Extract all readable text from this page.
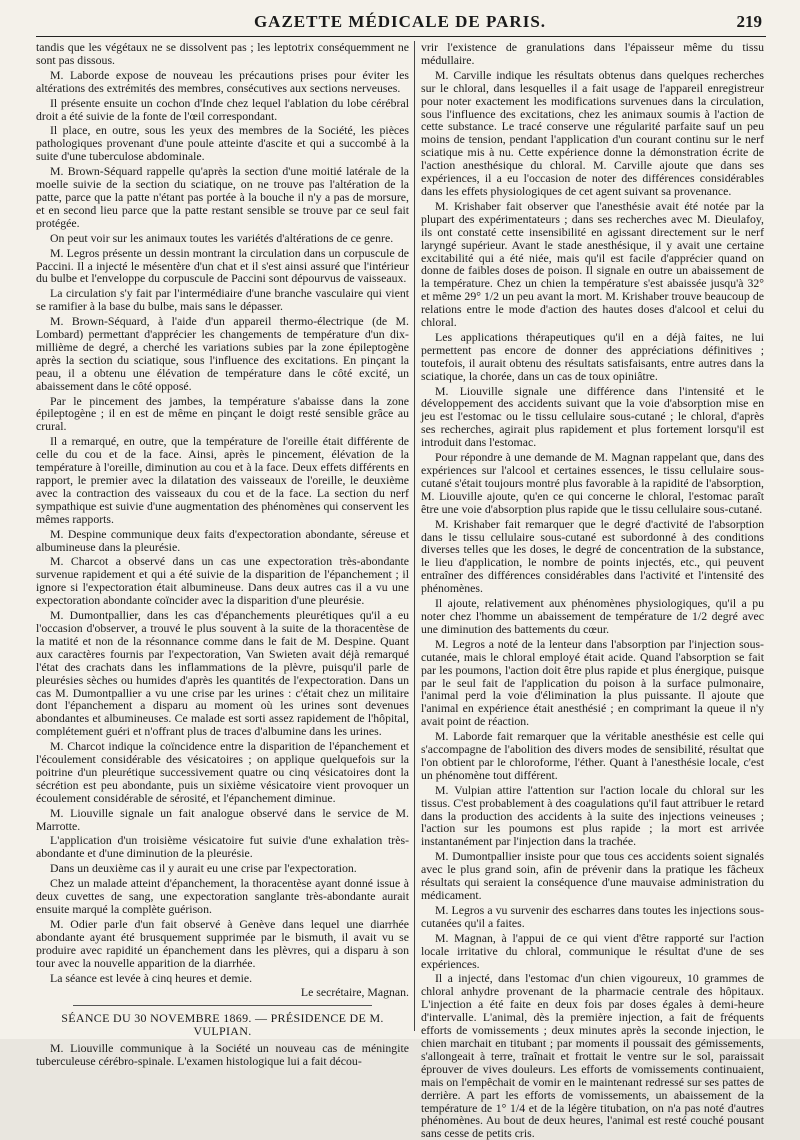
GAZETTE MÉDICALE DE PARIS.	219

tandis que les végétaux ne se dissolvent pas ; les leptotrix conséquemment ne sont pas dissous.

M. Laborde expose de nouveau les précautions prises pour éviter les altérations des extrémités des membres, consécutives aux sections nerveuses.

Il présente ensuite un cochon d'Inde chez lequel l'ablation du lobe cérébral droit a été suivie de la fonte de l'œil correspondant.

Il place, en outre, sous les yeux des membres de la Société, les pièces pathologiques provenant d'une poule atteinte d'ascite et qui a succombé à la suite d'une tuberculose abdominale.

M. Brown-Séquard rappelle qu'après la section d'une moitié latérale de la moelle suivie de la section du sciatique, on ne trouve pas l'altération de la patte, parce que la patte n'étant pas portée à la bouche il n'y a pas de morsure, et en second lieu parce que la patte restant sensible se trouve par ce seul fait protégée.

On peut voir sur les animaux toutes les variétés d'altérations de ce genre.

M. Legros présente un dessin montrant la circulation dans un corpuscule de Paccini. Il a injecté le mésentère d'un chat et il s'est ainsi assuré que l'intérieur du bulbe et l'enveloppe du corpuscule de Paccini sont dépourvus de vaisseaux.

La circulation s'y fait par l'intermédiaire d'une branche vasculaire qui vient se ramifier à la base du bulbe, mais sans le dépasser.

M. Brown-Séquard, à l'aide d'un appareil thermo-électrique (de M. Lombard) permettant d'apprécier les changements de température d'un dix-millième de degré, a cherché les variations subies par la zone épileptogène après la section du sciatique, sous l'influence des excitations. En pinçant la peau, il a obtenu une élévation de température dans le côté excité, un abaissement dans le côté opposé.

Par le pincement des jambes, la température s'abaisse dans la zone épileptogène ; il en est de même en pinçant le doigt resté sensible grâce au crural.

Il a remarqué, en outre, que la température de l'oreille était différente de celle du cou et de la face. Ainsi, après le pincement, élévation de la température à l'oreille, diminution au cou et à la face. Deux effets différents en rapport, le premier avec la dilatation des vaisseaux de l'oreille, le deuxième avec la contraction des vaisseaux du cou et de la face. La section du nerf sympathique est suivie d'une augmentation des phénomènes qui conservent les mêmes rapports.

M. Despine communique deux faits d'expectoration abondante, séreuse et albumineuse dans la pleurésie.

M. Charcot a observé dans un cas une expectoration très-abondante survenue rapidement et qui a été suivie de la disparition de l'épanchement ; il ignore si l'expectoration était albumineuse. Dans deux autres cas il a vu une expectoration abondante coïncider avec la disparition d'une pleurésie.

M. Dumontpallier, dans les cas d'épanchements pleurétiques qu'il a eu l'occasion d'observer, a trouvé le plus souvent à la suite de la thoracentèse de la matité et non de la résonnance comme dans le fait de M. Despine. Quant aux caractères fournis par l'expectoration, Van Swieten avait déjà remarqué l'état des crachats dans les inflammations de la plèvre, puisqu'il parle de pleurésies sèches ou humides d'après les quantités de l'expectoration. Dans un cas M. Dumontpallier a vu une crise par les urines : c'était chez un militaire dont l'épanchement a disparu au moment où les urines sont devenues abondantes et albumineuses. Ce malade est sorti assez rapidement de l'hôpital, complétement guéri et n'offrant plus de traces d'albumine dans les urines.

M. Charcot indique la coïncidence entre la disparition de l'épanchement et l'écoulement considérable des vésicatoires ; on applique quelquefois sur la poitrine d'un pleurétique successivement quatre ou cinq vésicatoires dont la sécrétion est peu abondante, puis un sixième vésicatoire vient provoquer un écoulement considérable de sérosité, et l'épanchement diminue.

M. Liouville signale un fait analogue observé dans le service de M. Marrotte.

L'application d'un troisième vésicatoire fut suivie d'une exhalation très-abondante et d'une diminution de la pleurésie.

Dans un deuxième cas il y aurait eu une crise par l'expectoration.

Chez un malade atteint d'épanchement, la thoracentèse ayant donné issue à deux cuvettes de sang, une expectoration sanglante très-abondante aurait ensuite marqué la complète guérison.

M. Odier parle d'un fait observé à Genève dans lequel une diarrhée abondante ayant été brusquement supprimée par le bismuth, il avait vu se produire avec rapidité un épanchement dans les plèvres, qui a disparu à son tour avec la nouvelle apparition de la diarrhée.

La séance est levée à cinq heures et demie.

Le secrétaire, Magnan.

SÉANCE DU 30 NOVEMBRE 1869. — PRÉSIDENCE DE M. VULPIAN.

M. Liouville communique à la Société un nouveau cas de méningite tuberculeuse cérébro-spinale. L'examen histologique lui a fait décou-

vrir l'existence de granulations dans l'épaisseur même du tissu médullaire.

M. Carville indique les résultats obtenus dans quelques recherches sur le chloral, dans lesquelles il a fait usage de l'appareil enregistreur pour noter exactement les modifications survenues dans la circulation, sous l'influence des excitations, chez les animaux soumis à l'action de cette substance. Le tracé conserve une régularité parfaite sauf un peu moins de tension, pendant l'application d'un courant continu sur le nerf sciatique mis à nu. Cette expérience donne la démonstration écrite de l'action anesthésique du chloral. M. Carville ajoute que dans ses expériences, il a eu l'occasion de noter des différences considérables dans les effets physiologiques de cet agent suivant sa provenance.

M. Krishaber fait observer que l'anesthésie avait été notée par la plupart des expérimentateurs ; dans ses recherches avec M. Dieulafoy, ils ont constaté cette insensibilité en agissant directement sur le nerf laryngé supérieur. Avant le stade anesthésique, il y avait une certaine excitabilité qui a été niée, mais qu'il est facile d'apprécier quand on donne de faibles doses de poison. Il signale en outre un abaissement de la température. Chez un chien la température s'est abaissée jusqu'à 32° et même 29° 1/2 un peu avant la mort. M. Krishaber trouve beaucoup de relations entre le mode d'action des hautes doses d'alcool et celui du chloral.

Les applications thérapeutiques qu'il en a déjà faites, ne lui permettent pas encore de donner des appréciations définitives ; toutefois, il aurait obtenu des résultats satisfaisants, entre autres dans la sciatique, la chorée, dans un cas de toux opiniâtre.

M. Liouville signale une différence dans l'intensité et le développement des accidents suivant que la voie d'absorption mise en jeu est l'estomac ou le tissu cellulaire sous-cutané ; le chloral, d'après ses recherches, agirait plus rapidement et plus fortement lorsqu'il est introduit dans l'estomac.

Pour répondre à une demande de M. Magnan rappelant que, dans des expériences sur l'alcool et certaines essences, le tissu cellulaire sous-cutané s'était toujours montré plus favorable à la rapidité de l'absorption, M. Liouville ajoute, qu'en ce qui concerne le chloral, l'estomac paraît être une voie d'absorption plus rapide que le tissu cellulaire sous-cutané.

M. Krishaber fait remarquer que le degré d'activité de l'absorption dans le tissu cellulaire sous-cutané est subordonné à des conditions diverses telles que les doses, le degré de concentration de la substance, le lieu d'application, le nombre de points injectés, etc., qui peuvent entraîner des différences considérables dans l'activité et l'intensité des phénomènes.

Il ajoute, relativement aux phénomènes physiologiques, qu'il a pu noter chez l'homme un abaissement de température de 1/2 degré avec une diminution des battements du cœur.

M. Legros a noté de la lenteur dans l'absorption par l'injection sous-cutanée, mais le chloral employé était acide. Quand l'absorption se fait par les poumons, l'action doit être plus rapide et plus énergique, puisque par le seul fait de l'application du poison à la surface pulmonaire, l'animal perd la voie d'élimination la plus puissante. Il ajoute que l'animal en expérience était anesthésié ; en comprimant la queue il n'y avait point de réaction.

M. Laborde fait remarquer que la véritable anesthésie est celle qui s'accompagne de l'abolition des divers modes de sensibilité, résultat que l'on obtient par le chloroforme, l'éther. Quant à l'anesthésie locale, c'est un phénomène tout différent.

M. Vulpian attire l'attention sur l'action locale du chloral sur les tissus. C'est probablement à des coagulations qu'il faut attribuer le retard dans la production des accidents à la suite des injections veineuses ; l'action sur les poumons est plus rapide ; la mort est arrivée instantanément par l'injection dans la trachée.

M. Dumontpallier insiste pour que tous ces accidents soient signalés avec le plus grand soin, afin de prévenir dans la pratique les fâcheux résultats qui seraient la conséquence d'une mauvaise administration du médicament.

M. Legros a vu survenir des escharres dans toutes les injections sous-cutanées qu'il a faites.

M. Magnan, à l'appui de ce qui vient d'être rapporté sur l'action locale irritative du chloral, communique le résultat d'une de ses expériences.

Il a injecté, dans l'estomac d'un chien vigoureux, 10 grammes de chloral anhydre provenant de la pharmacie centrale des hôpitaux. L'injection a été faite en deux fois par doses égales à demi-heure d'intervalle. L'animal, dès la première injection, a fait de fréquents efforts de vomissements ; deux minutes après la seconde injection, le chien marchait en titubant ; par moments il poussait des gémissements, s'allongeait à terre, traînait et frottait le ventre sur le sol, paraissait éprouver de vives douleurs. Les efforts de vomissements continuaient, mais on l'empêchait de vomir en le maintenant redressé sur ses pattes de derrière. A part les efforts de vomissements, un abaissement de la température de 1° 1/4 et de la légère titubation, on n'a pas noté d'autres phénomènes. Au bout de deux heures, l'animal est resté couché pousant sans cesse de petits cris.
